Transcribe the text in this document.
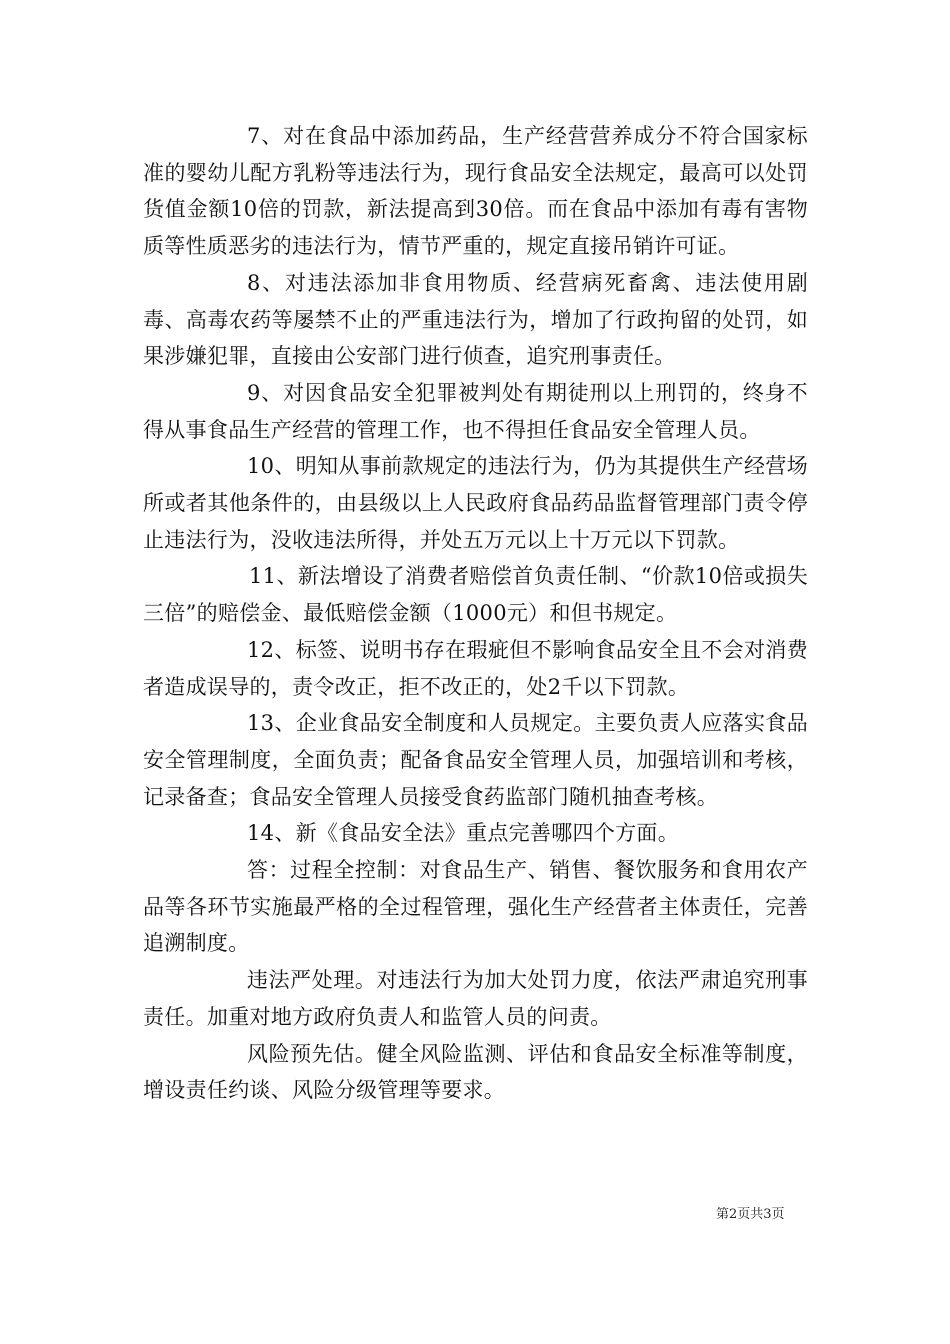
7、对在食品中添加药品，生产经营营养成分不符合国家标准的婴幼儿配方乳粉等违法行为，现行食品安全法规定，最高可以处罚货值金额10倍的罚款，新法提高到30倍。而在食品中添加有毒有害物质等性质恶劣的违法行为，情节严重的，规定直接吊销许可证。

8、对违法添加非食用物质、经营病死畜禽、违法使用剧毒、高毒农药等屡禁不止的严重违法行为，增加了行政拘留的处罚，如果涉嫌犯罪，直接由公安部门进行侦查，追究刑事责任。

9、对因食品安全犯罪被判处有期徒刑以上刑罚的，终身不得从事食品生产经营的管理工作，也不得担任食品安全管理人员。

10、明知从事前款规定的违法行为，仍为其提供生产经营场所或者其他条件的，由县级以上人民政府食品药品监督管理部门责令停止违法行为，没收违法所得，并处五万元以上十万元以下罚款。

11、新法增设了消费者赔偿首负责任制、“价款10倍或损失三倍”的赔偿金、最低赔偿金额（1000元）和但书规定。

12、标签、说明书存在瑕疵但不影响食品安全且不会对消费者造成误导的，责令改正，拒不改正的，处2千以下罚款。

13、企业食品安全制度和人员规定。主要负责人应落实食品安全管理制度，全面负责；配备食品安全管理人员，加强培训和考核，记录备查；食品安全管理人员接受食药监部门随机抽查考核。

14、新《食品安全法》重点完善哪四个方面。

答：过程全控制：对食品生产、销售、餐饮服务和食用农产品等各环节实施最严格的全过程管理，强化生产经营者主体责任，完善追溯制度。

违法严处理。对违法行为加大处罚力度，依法严肃追究刑事责任。加重对地方政府负责人和监管人员的问责。

风险预先估。健全风险监测、评估和食品安全标准等制度，增设责任约谈、风险分级管理等要求。

第2页共3页
